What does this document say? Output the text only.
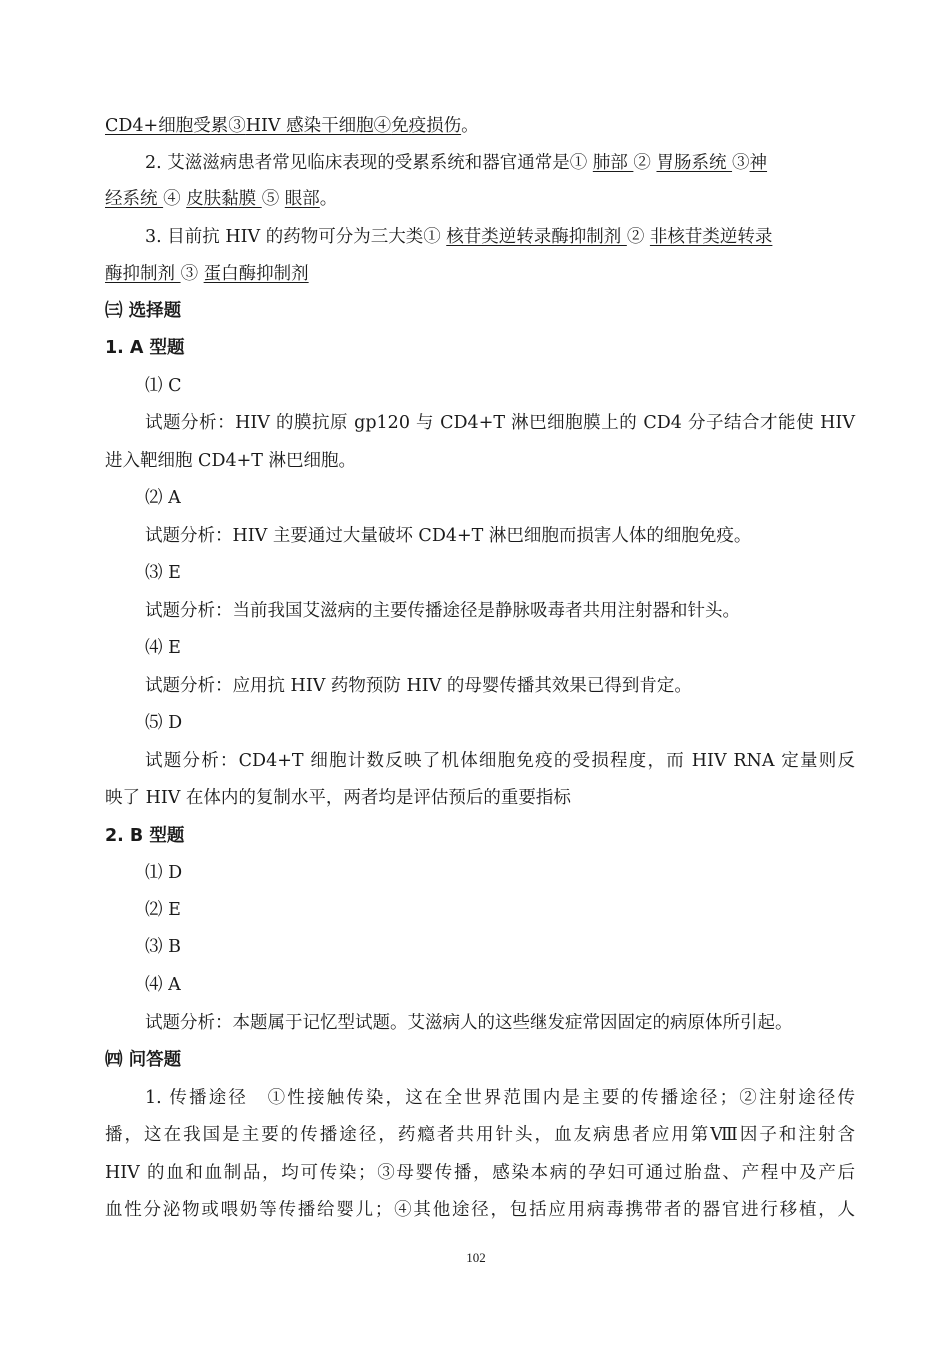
CD4+细胞受累③HIV 感染干细胞④免疫损伤。
2. 艾滋滋病患者常见临床表现的受累系统和器官通常是① 肺部 ② 胃肠系统 ③神
经系统 ④ 皮肤黏膜 ⑤ 眼部。
3. 目前抗 HIV 的药物可分为三大类① 核苷类逆转录酶抑制剂 ② 非核苷类逆转录
酶抑制剂 ③ 蛋白酶抑制剂
㈢ 选择题
1. A 型题
⑴ C
试题分析：HIV 的膜抗原 gp120 与 CD4+T 淋巴细胞膜上的 CD4 分子结合才能使 HIV
进入靶细胞 CD4+T 淋巴细胞。
⑵ A
试题分析：HIV 主要通过大量破坏 CD4+T 淋巴细胞而损害人体的细胞免疫。
⑶ E
试题分析：当前我国艾滋病的主要传播途径是静脉吸毒者共用注射器和针头。
⑷ E
试题分析：应用抗 HIV 药物预防 HIV 的母婴传播其效果已得到肯定。
⑸ D
试题分析：CD4+T 细胞计数反映了机体细胞免疫的受损程度，而 HIV RNA 定量则反
映了 HIV 在体内的复制水平，两者均是评估预后的重要指标
2. B 型题
⑴ D
⑵ E
⑶ B
⑷ A
试题分析：本题属于记忆型试题。艾滋病人的这些继发症常因固定的病原体所引起。
㈣ 问答题
1. 传播途径　①性接触传染，这在全世界范围内是主要的传播途径；②注射途径传
播，这在我国是主要的传播途径，药瘾者共用针头，血友病患者应用第Ⅷ因子和注射含
HIV 的血和血制品，均可传染；③母婴传播，感染本病的孕妇可通过胎盘、产程中及产后
血性分泌物或喂奶等传播给婴儿；④其他途径，包括应用病毒携带者的器官进行移植，人
102
